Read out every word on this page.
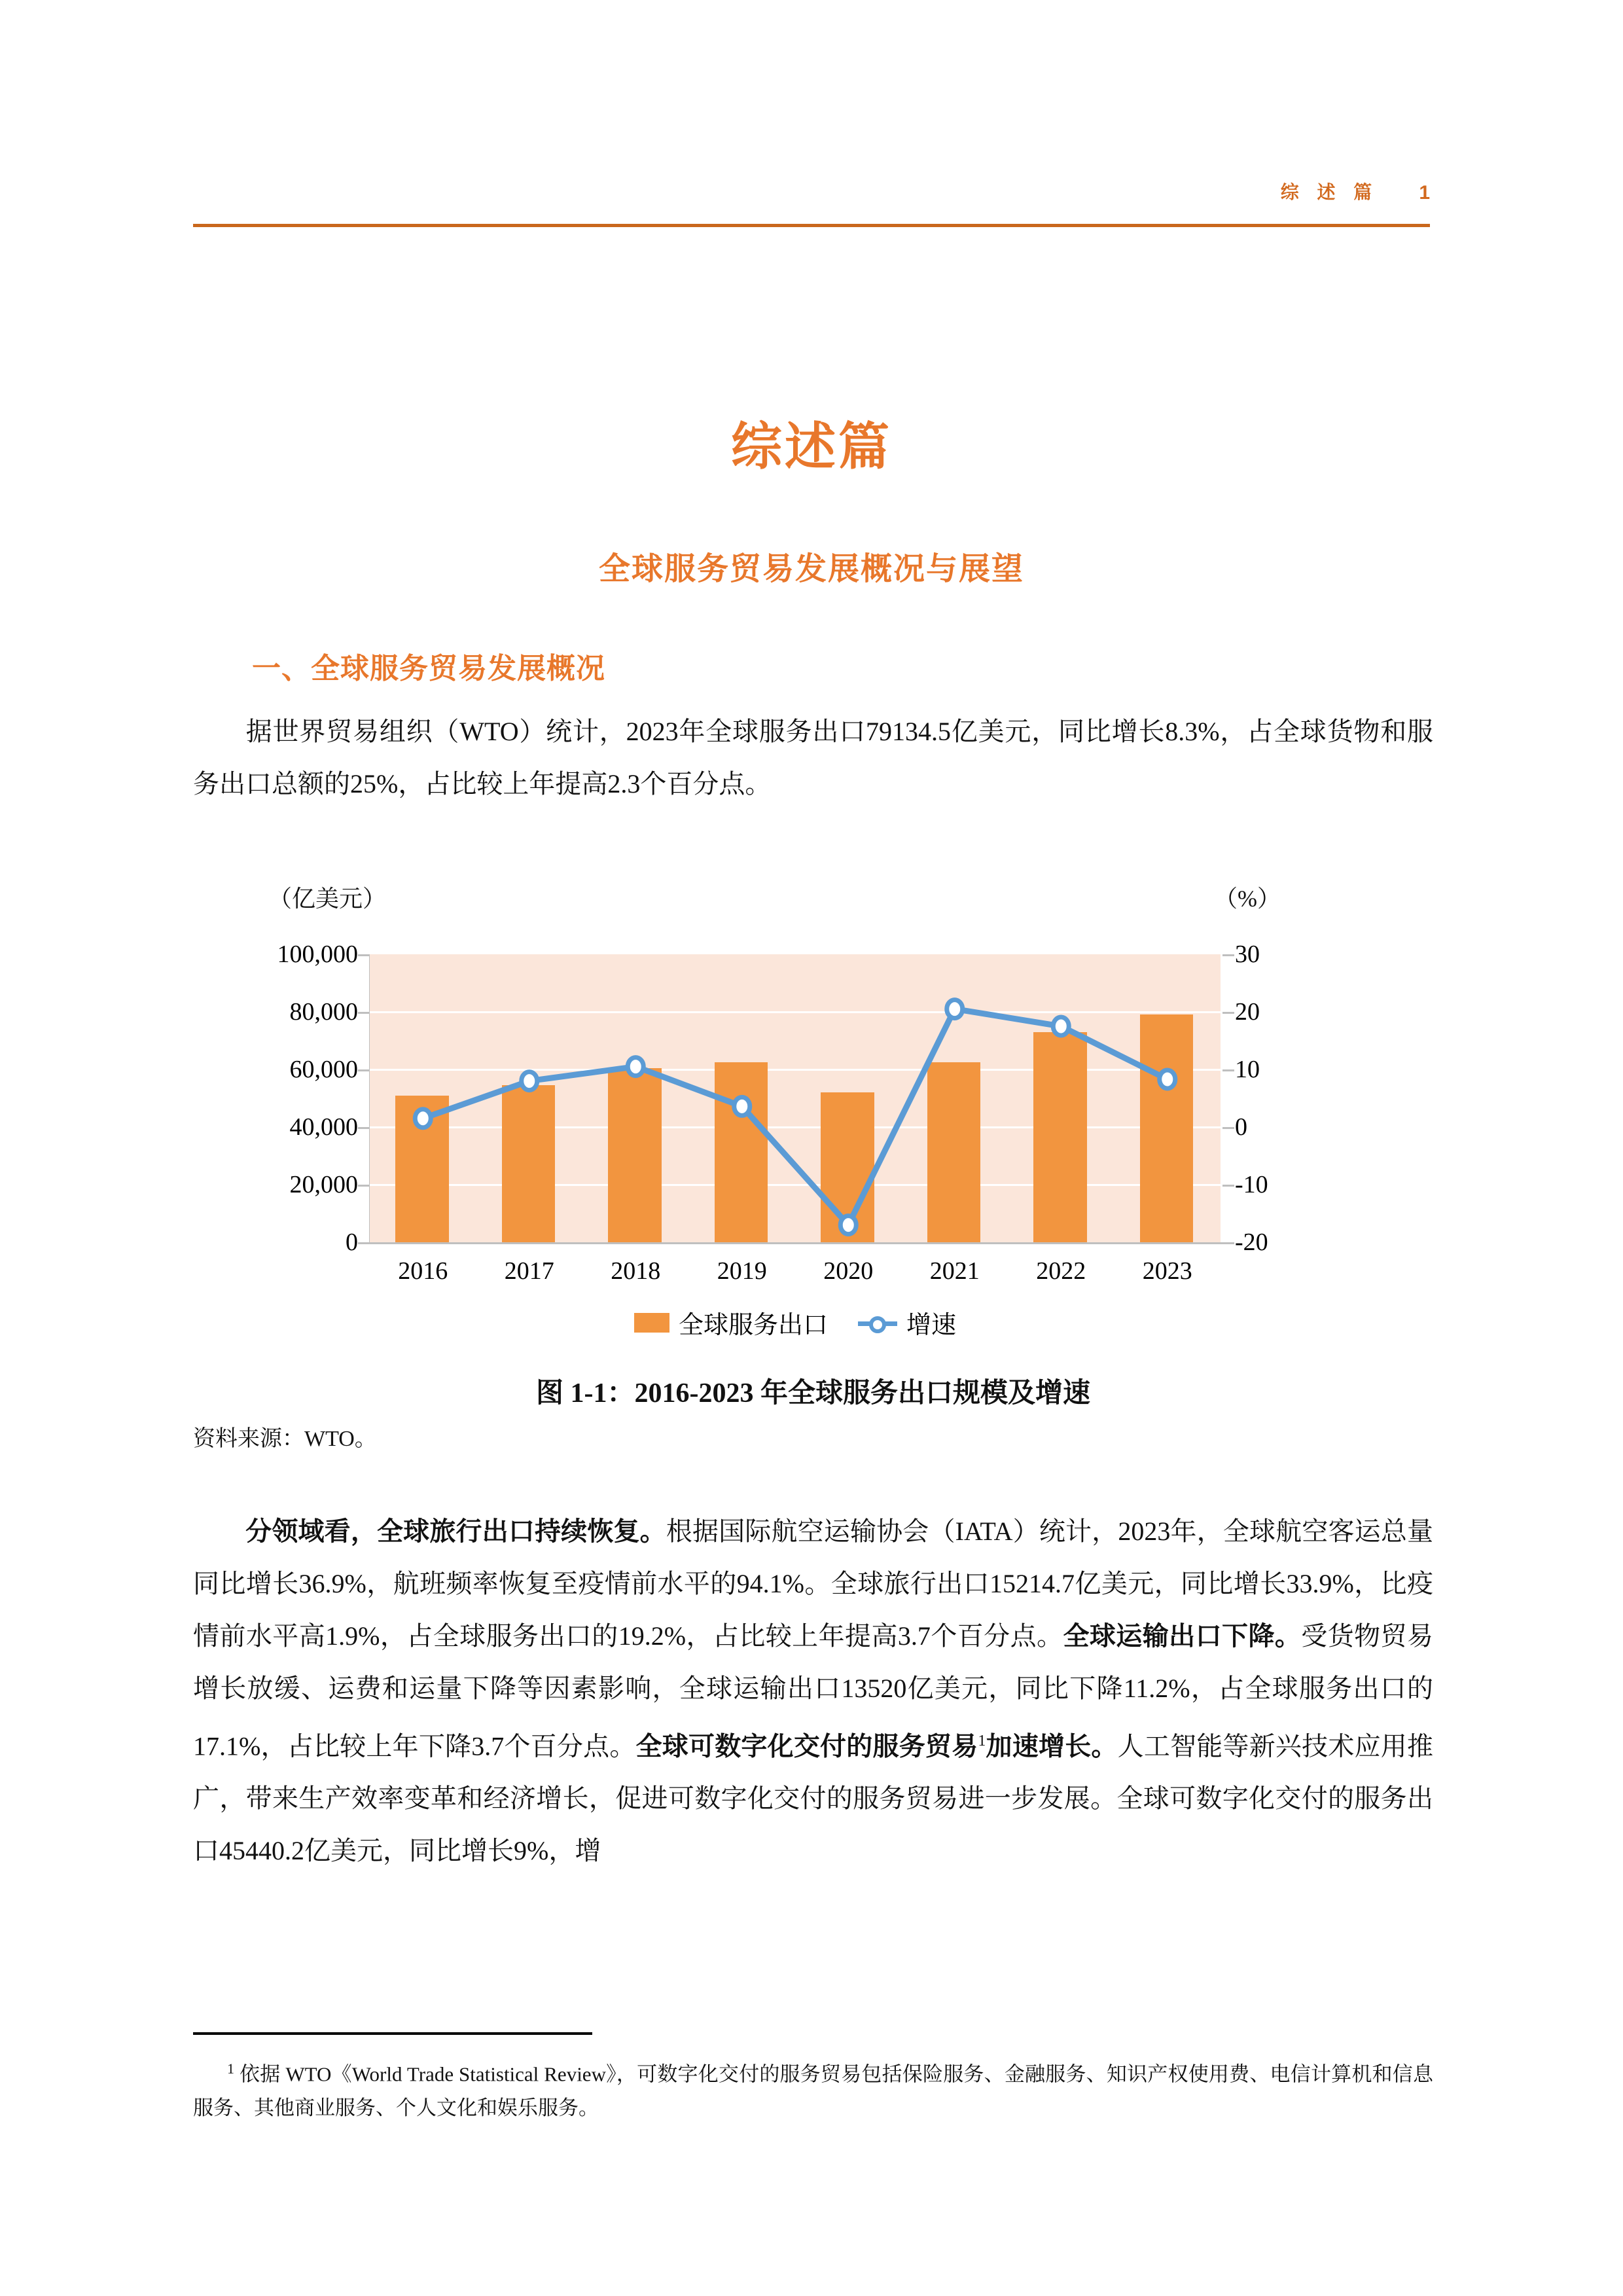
综 述 篇 1
综述篇
全球服务贸易发展概况与展望
一、全球服务贸易发展概况
据世界贸易组织（WTO）统计，2023年全球服务出口79134.5亿美元，同比增长8.3%，占全球货物和服务出口总额的25%，占比较上年提高2.3个百分点。
（亿美元）	（%）
100,000
80,000
60,000
40,000
20,000
0
30
20
10
0
-10
-20
2016 2017 2018 2019 2020 2021 2022 2023
全球服务出口	增速
图 1-1：2016-2023 年全球服务出口规模及增速
资料来源：WTO。
分领域看，全球旅行出口持续恢复。根据国际航空运输协会（IATA）统计，2023年，全球航空客运总量同比增长36.9%，航班频率恢复至疫情前水平的94.1%。全球旅行出口15214.7亿美元，同比增长33.9%，比疫情前水平高1.9%，占全球服务出口的19.2%，占比较上年提高3.7个百分点。全球运输出口下降。受货物贸易增长放缓、运费和运量下降等因素影响，全球运输出口13520亿美元，同比下降11.2%，占全球服务出口的17.1%，占比较上年下降3.7个百分点。全球可数字化交付的服务贸易$^1$加速增长。人工智能等新兴技术应用推广，带来生产效率变革和经济增长，促进可数字化交付的服务贸易进一步发展。全球可数字化交付的服务出口45440.2亿美元，同比增长9%，增
$^1$ 依据 WTO《World Trade Statistical Review》，可数字化交付的服务贸易包括保险服务、金融服务、知识产权使用费、电信计算机和信息服务、其他商业服务、个人文化和娱乐服务。
